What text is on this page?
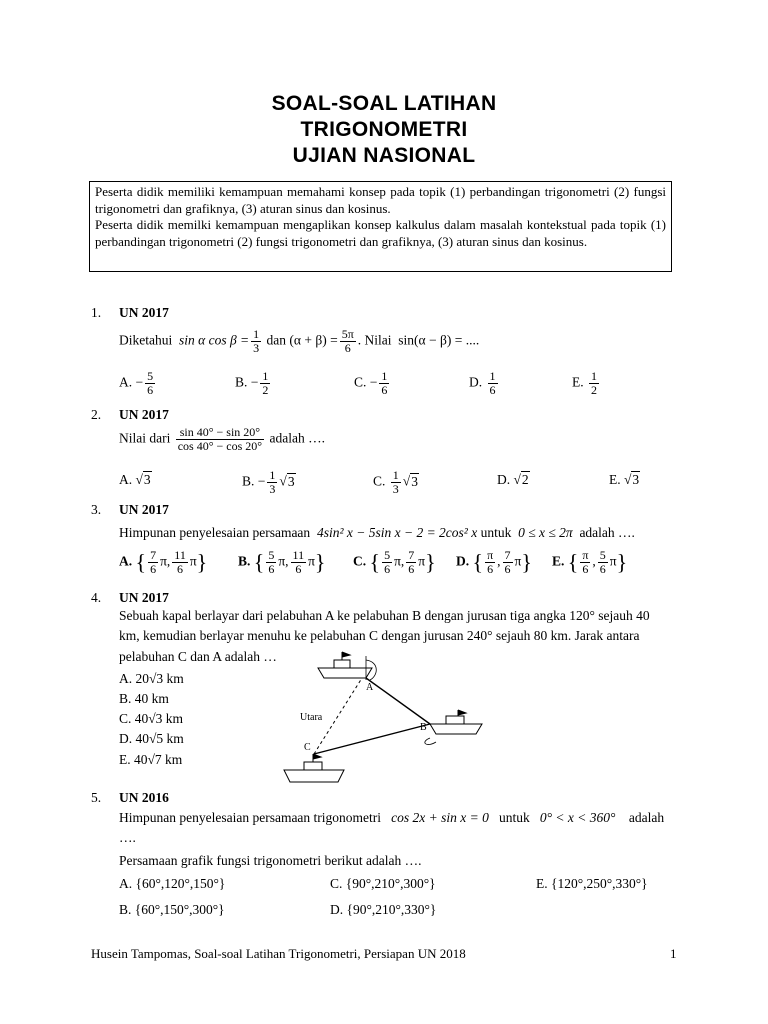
SOAL-SOAL LATIHAN
TRIGONOMETRI
UJIAN NASIONAL

Peserta didik memiliki kemampuan memahami konsep pada topik (1) perbandingan trigonometri (2) fungsi trigonometri dan grafiknya, (3) aturan sinus dan kosinus.

Peserta didik memilki kemampuan mengaplikan konsep kalkulus dalam masalah kontekstual pada topik (1) perbandingan trigonometri (2) fungsi trigonometri dan grafiknya, (3) aturan sinus dan kosinus.

1. UN 2017
Diketahui  sin α $\cos \beta = \frac{1}{3}$ dan $(\alpha + \beta) = \frac{5\pi}{6}$ . Nilai  sin(α − β) = ....
A. − $\frac{5}{6}$	B. − $\frac{1}{2}$	C. − $\frac{1}{6}$	D. $\frac{1}{6}$	E. $\frac{1}{2}$
2. UN 2017
Nilai dari $\frac{\sin 40^\circ - \sin 20^\circ}{\cos 40^\circ - \cos 20^\circ}$ adalah ….
A. √3	B. − $\frac{1}{3} √3$	C. $\frac{1}{3} √3$	D. √2	E. √3
3. UN 2017
Himpunan penyelesaian persamaan  4sin² x − 5sin x − 2 = 2cos² x untuk  0 ≤ x ≤ 2π  adalah ….
A. { $\frac{7}{6} \pi$, $\frac{11}{6} \pi$} B. { $\frac{5}{6} \pi$, $\frac{11}{6} \pi$} C. { $\frac{5}{6} \pi$, $\frac{7}{6} \pi$} D. { $\frac{\pi}{6}$ , $\frac{7}{6} \pi$} E. { $\frac{\pi}{6}$ , $\frac{5}{6} \pi$}
4. UN 2017
Sebuah kapal berlayar dari pelabuhan A ke pelabuhan B dengan jurusan tiga angka 120° sejauh 40
km, kemudian berlayar menuhu ke pelabuhan C dengan jurusan 240° sejauh 80 km. Jarak antara
pelabuhan C dan A adalah …
A. 20√3 km
B. 40 km
C. 40√3 km
D. 40√5 km
E. 40√7 km
A
B
C
Utara
5. UN 2016
Himpunan penyelesaian persamaan trigonometri   cos 2x + sin x = 0   untuk   0° < x < 360°    adalah
….
Persamaan grafik fungsi trigonometri berikut adalah ….
A. {60°,120°,150°}
B. {60°,150°,300°}
C. {90°,210°,300°}
D. {90°,210°,330°}
E. {120°,250°,330°}
Husein Tampomas, Soal-soal Latihan Trigonometri, Persiapan UN 2018	1
